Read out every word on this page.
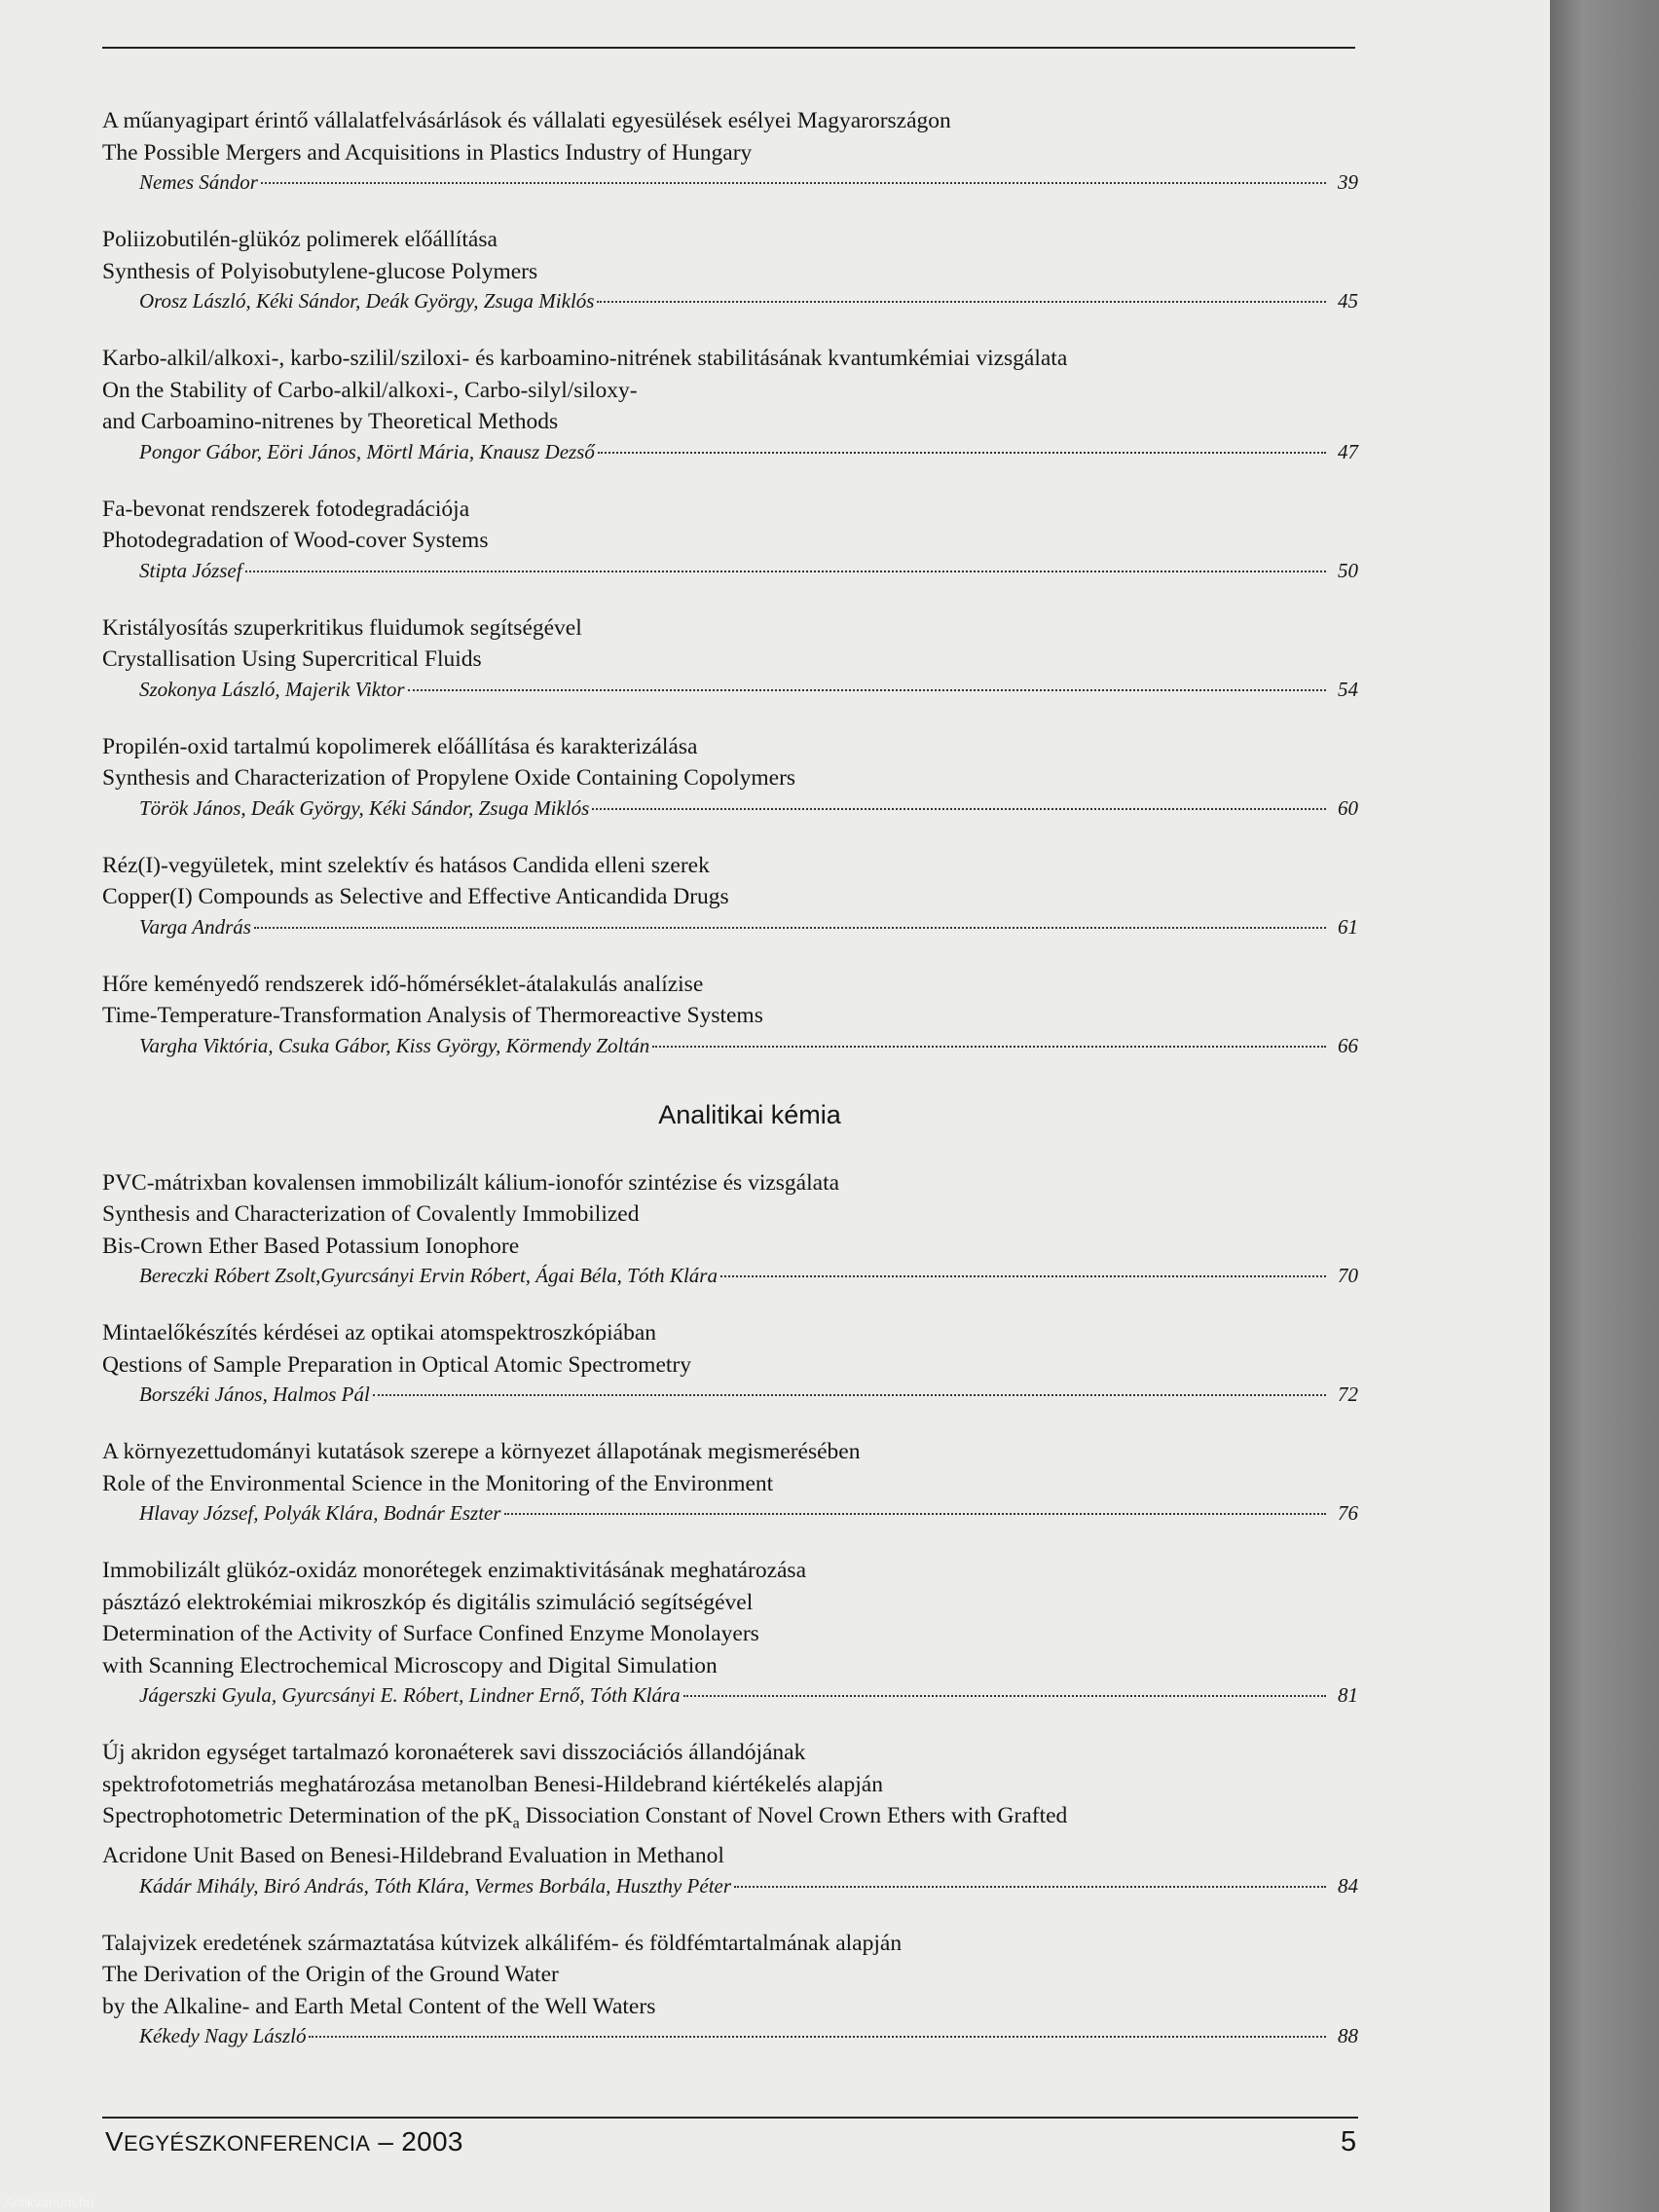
A műanyagipart érintő vállalatfelvásárlások és vállalati egyesülések esélyei Magyarországon
The Possible Mergers and Acquisitions in Plastics Industry of Hungary
Nemes Sándor	39
Poliizobutilén-glükóz polimerek előállítása
Synthesis of Polyisobutylene-glucose Polymers
Orosz László, Kéki Sándor, Deák György, Zsuga Miklós	45
Karbo-alkil/alkoxi-, karbo-szilil/sziloxi- és karboamino-nitrének stabilitásának kvantumkémiai vizsgálata
On the Stability of Carbo-alkil/alkoxi-, Carbo-silyl/siloxy-
and Carboamino-nitrenes by Theoretical Methods
Pongor Gábor, Eöri János, Mörtl Mária, Knausz Dezső	47
Fa-bevonat rendszerek fotodegradációja
Photodegradation of Wood-cover Systems
Stipta József	50
Kristályosítás szuperkritikus fluidumok segítségével
Crystallisation Using Supercritical Fluids
Szokonya László, Majerik Viktor	54
Propilén-oxid tartalmú kopolimerek előállítása és karakterizálása
Synthesis and Characterization of Propylene Oxide Containing Copolymers
Török János, Deák György, Kéki Sándor, Zsuga Miklós	60
Réz(I)-vegyületek, mint szelektív és hatásos Candida elleni szerek
Copper(I) Compounds as Selective and Effective Anticandida Drugs
Varga András	61
Hőre keményedő rendszerek idő-hőmérséklet-átalakulás analízise
Time-Temperature-Transformation Analysis of Thermoreactive Systems
Vargha Viktória, Csuka Gábor, Kiss György, Körmendy Zoltán	66
Analitikai kémia
PVC-mátrixban kovalensen immobilizált kálium-ionofór szintézise és vizsgálata
Synthesis and Characterization of Covalently Immobilized
Bis-Crown Ether Based Potassium Ionophore
Bereczki Róbert Zsolt,Gyurcsányi Ervin Róbert, Ágai Béla, Tóth Klára	70
Mintaelőkészítés kérdései az optikai atomspektroszkópiában
Qestions of Sample Preparation in Optical Atomic Spectrometry
Borszéki János, Halmos Pál	72
A környezettudományi kutatások szerepe a környezet állapotának megismerésében
Role of the Environmental Science in the Monitoring of the Environment
Hlavay József, Polyák Klára, Bodnár Eszter	76
Immobilizált glükóz-oxidáz monorétegek enzimaktivitásának meghatározása
pásztázó elektrokémiai mikroszkóp és digitális szimuláció segítségével
Determination of the Activity of Surface Confined Enzyme Monolayers
with Scanning Electrochemical Microscopy and Digital Simulation
Jágerszki Gyula, Gyurcsányi E. Róbert, Lindner Ernő, Tóth Klára	81
Új akridon egységet tartalmazó koronaéterek savi disszociációs állandójának
spektrofotometriás meghatározása metanolban Benesi-Hildebrand kiértékelés alapján
Spectrophotometric Determination of the $pK_a$ Dissociation Constant of Novel Crown Ethers with Grafted
Acridone Unit Based on Benesi-Hildebrand Evaluation in Methanol
Kádár Mihály, Biró András, Tóth Klára, Vermes Borbála, Huszthy Péter	84
Talajvizek eredetének származtatása kútvizek alkálifém- és földfémtartalmának alapján
The Derivation of the Origin of the Ground Water
by the Alkaline- and Earth Metal Content of the Well Waters
Kékedy Nagy László	88
VEGYÉSZKONFERENCIA – 2003	5
Antikvarium.hu
